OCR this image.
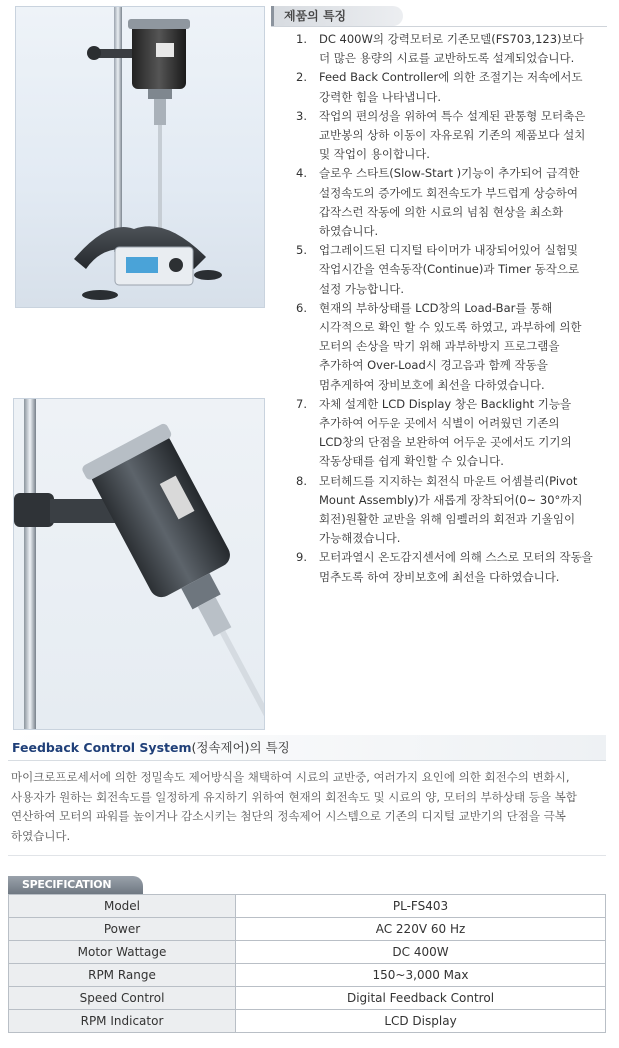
제품의 특징
1. DC 400W의 강력모터로 기존모델(FS703,123)보다 더 많은 용량의 시료를 교반하도록 설계되었습니다.
2. Feed Back Controller에 의한 조절기는 저속에서도 강력한 힘을 나타냅니다.
3. 작업의 편의성을 위하여 특수 설계된 관통형 모터축은 교반봉의 상하 이동이 자유로워 기존의 제품보다 설치 및 작업이 용이합니다.
4. 슬로우 스타트(Slow-Start )기능이 추가되어 급격한 설정속도의 증가에도 회전속도가 부드럽게 상승하여 갑작스런 작동에 의한 시료의 넘침 현상을 최소화 하였습니다.
5. 업그레이드된 디지털 타이머가 내장되어있어 실험및 작업시간을 연속동작(Continue)과 Timer 동작으로 설정 가능합니다.
6. 현재의 부하상태를 LCD창의 Load-Bar를 통해 시각적으로 확인 할 수 있도록 하였고, 과부하에 의한 모터의 손상을 막기 위해 과부하방지 프로그램을 추가하여 Over-Load시 경고음과 함께 작동을 멈추게하여 장비보호에 최선을 다하였습니다.
7. 자체 설계한 LCD Display 창은 Backlight 기능을 추가하여 어두운 곳에서 식별이 어려웠던 기존의 LCD창의 단점을 보완하여 어두운 곳에서도 기기의 작동상태를 쉽게 확인할 수 있습니다.
8. 모터헤드를 지지하는 회전식 마운트 어셈블리(Pivot Mount Assembly)가 새롭게 장착되어(0~ 30°까지 회전)원활한 교반을 위해 임펠러의 회전과 기울임이 가능해졌습니다.
9. 모터과열시 온도감지센서에 의해 스스로 모터의 작동을 멈추도록 하여 장비보호에 최선을 다하였습니다.
Feedback Control System(정속제어)의 특징
마이크로프로세서에 의한 정밀속도 제어방식을 채택하여 시료의 교반중, 여러가지 요인에 의한 회전수의 변화시, 사용자가 원하는 회전속도를 일정하게 유지하기 위하여 현재의 회전속도 및 시료의 양, 모터의 부하상태 등을 복합 연산하여 모터의 파워를 높이거나 감소시키는 첨단의 정속제어 시스템으로 기존의 디지털 교반기의 단점을 극복 하였습니다.
SPECIFICATION
Model	PL-FS403
Power	AC 220V 60 Hz
Motor Wattage	DC 400W
RPM Range	150~3,000 Max
Speed Control	Digital Feedback Control
RPM Indicator	LCD Display
